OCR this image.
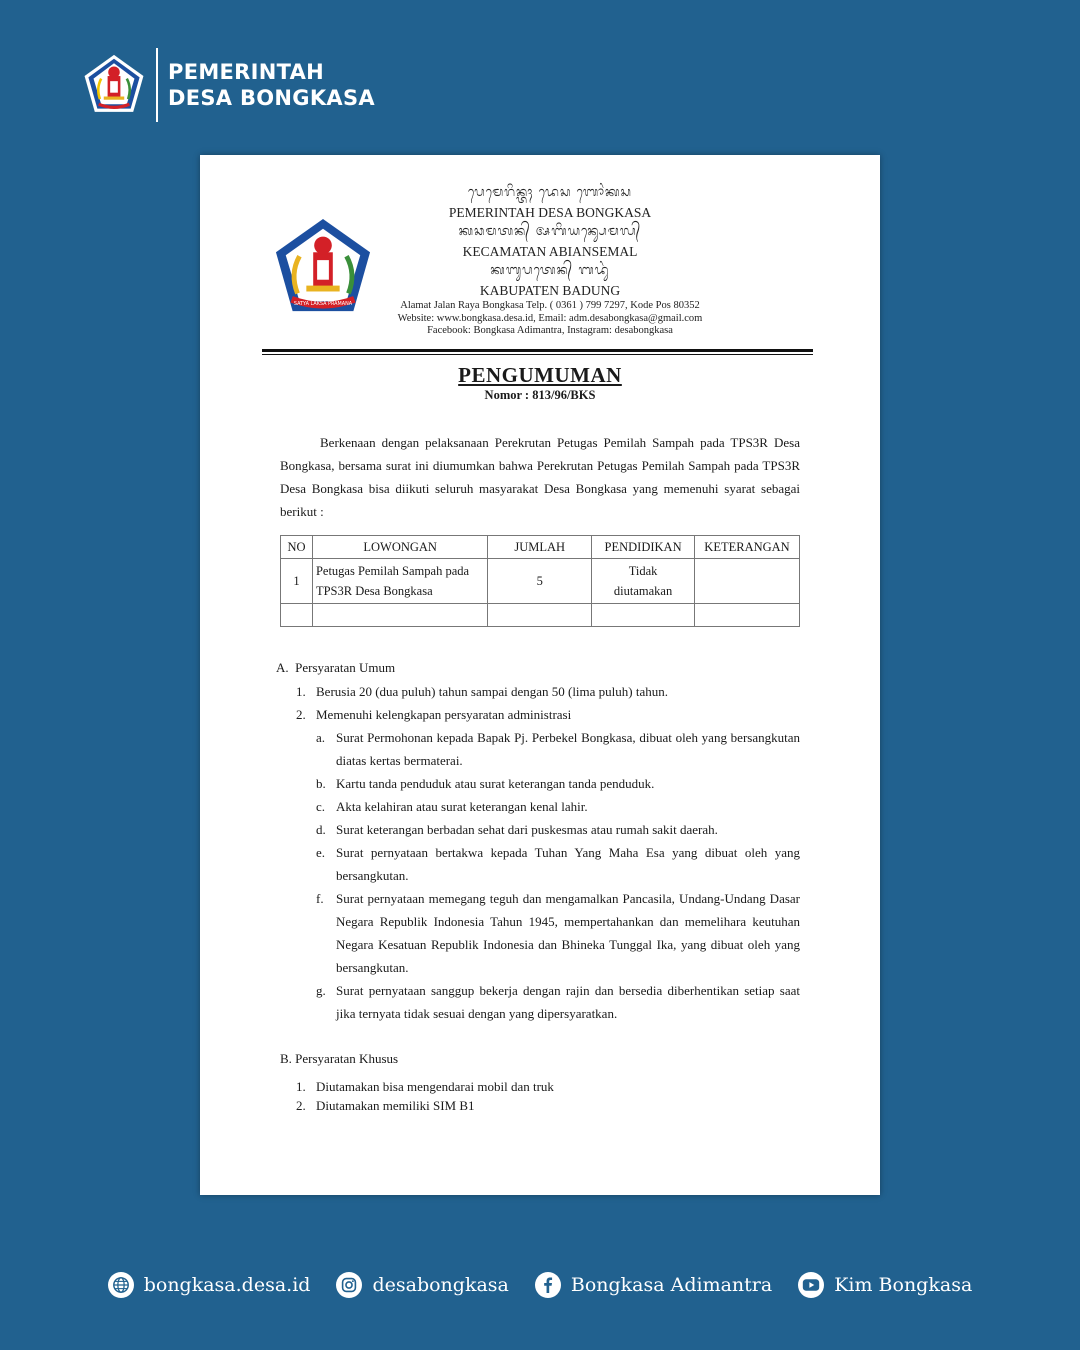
PEMERINTAH
DESA BONGKASA
SATYA LAKSA PRAMANA
ᬧᬾᬫᬾᬭᬶᬦ᭄ᬢᬄ ᬤᬾᬲ ᬩᭀᬂᬓᬲ
PEMERINTAH DESA BONGKASA
ᬓᬘᬫᬢᬦ᭄ ᬅᬩᬶᬬᬦ᭄ᬲᬾᬫᬮ᭄
KECAMATAN ABIANSEMAL
ᬓᬩᬸᬧᬢᬾᬦ᭄ ᬩᬤᬸᬂ
KABUPATEN BADUNG
Alamat Jalan Raya Bongkasa Telp. ( 0361 ) 799 7297, Kode Pos 80352
Website: www.bongkasa.desa.id, Email: adm.desabongkasa@gmail.com
Facebook: Bongkasa Adimantra, Instagram: desabongkasa
PENGUMUMAN
Nomor : 813/96/BKS

Berkenaan dengan pelaksanaan Perekrutan Petugas Pemilah Sampah pada TPS3R Desa Bongkasa, bersama surat ini diumumkan bahwa Perekrutan Petugas Pemilah Sampah pada TPS3R Desa Bongkasa bisa diikuti seluruh masyarakat Desa Bongkasa yang memenuhi syarat sebagai berikut :

NO	LOWONGAN	JUMLAH	PENDIDIKAN	KETERANGAN
1	Petugas Pemilah Sampah pada TPS3R Desa Bongkasa	5	Tidak diutamakan	

A. Persyaratan Umum
1. Berusia 20 (dua puluh) tahun sampai dengan 50 (lima puluh) tahun.
2. Memenuhi kelengkapan persyaratan administrasi
a. Surat Permohonan kepada Bapak Pj. Perbekel Bongkasa, dibuat oleh yang bersangkutan diatas kertas bermaterai.
b. Kartu tanda penduduk atau surat keterangan tanda penduduk.
c. Akta kelahiran atau surat keterangan kenal lahir.
d. Surat keterangan berbadan sehat dari puskesmas atau rumah sakit daerah.
e. Surat pernyataan bertakwa kepada Tuhan Yang Maha Esa yang dibuat oleh yang bersangkutan.
f. Surat pernyataan memegang teguh dan mengamalkan Pancasila, Undang-Undang Dasar Negara Republik Indonesia Tahun 1945, mempertahankan dan memelihara keutuhan Negara Kesatuan Republik Indonesia dan Bhineka Tunggal Ika, yang dibuat oleh yang bersangkutan.
g. Surat pernyataan sanggup bekerja dengan rajin dan bersedia diberhentikan setiap saat jika ternyata tidak sesuai dengan yang dipersyaratkan.
B. Persyaratan Khusus
1. Diutamakan bisa mengendarai mobil dan truk
2. Diutamakan memiliki SIM B1
bongkasa.desa.id	desabongkasa	Bongkasa Adimantra	Kim Bongkasa
